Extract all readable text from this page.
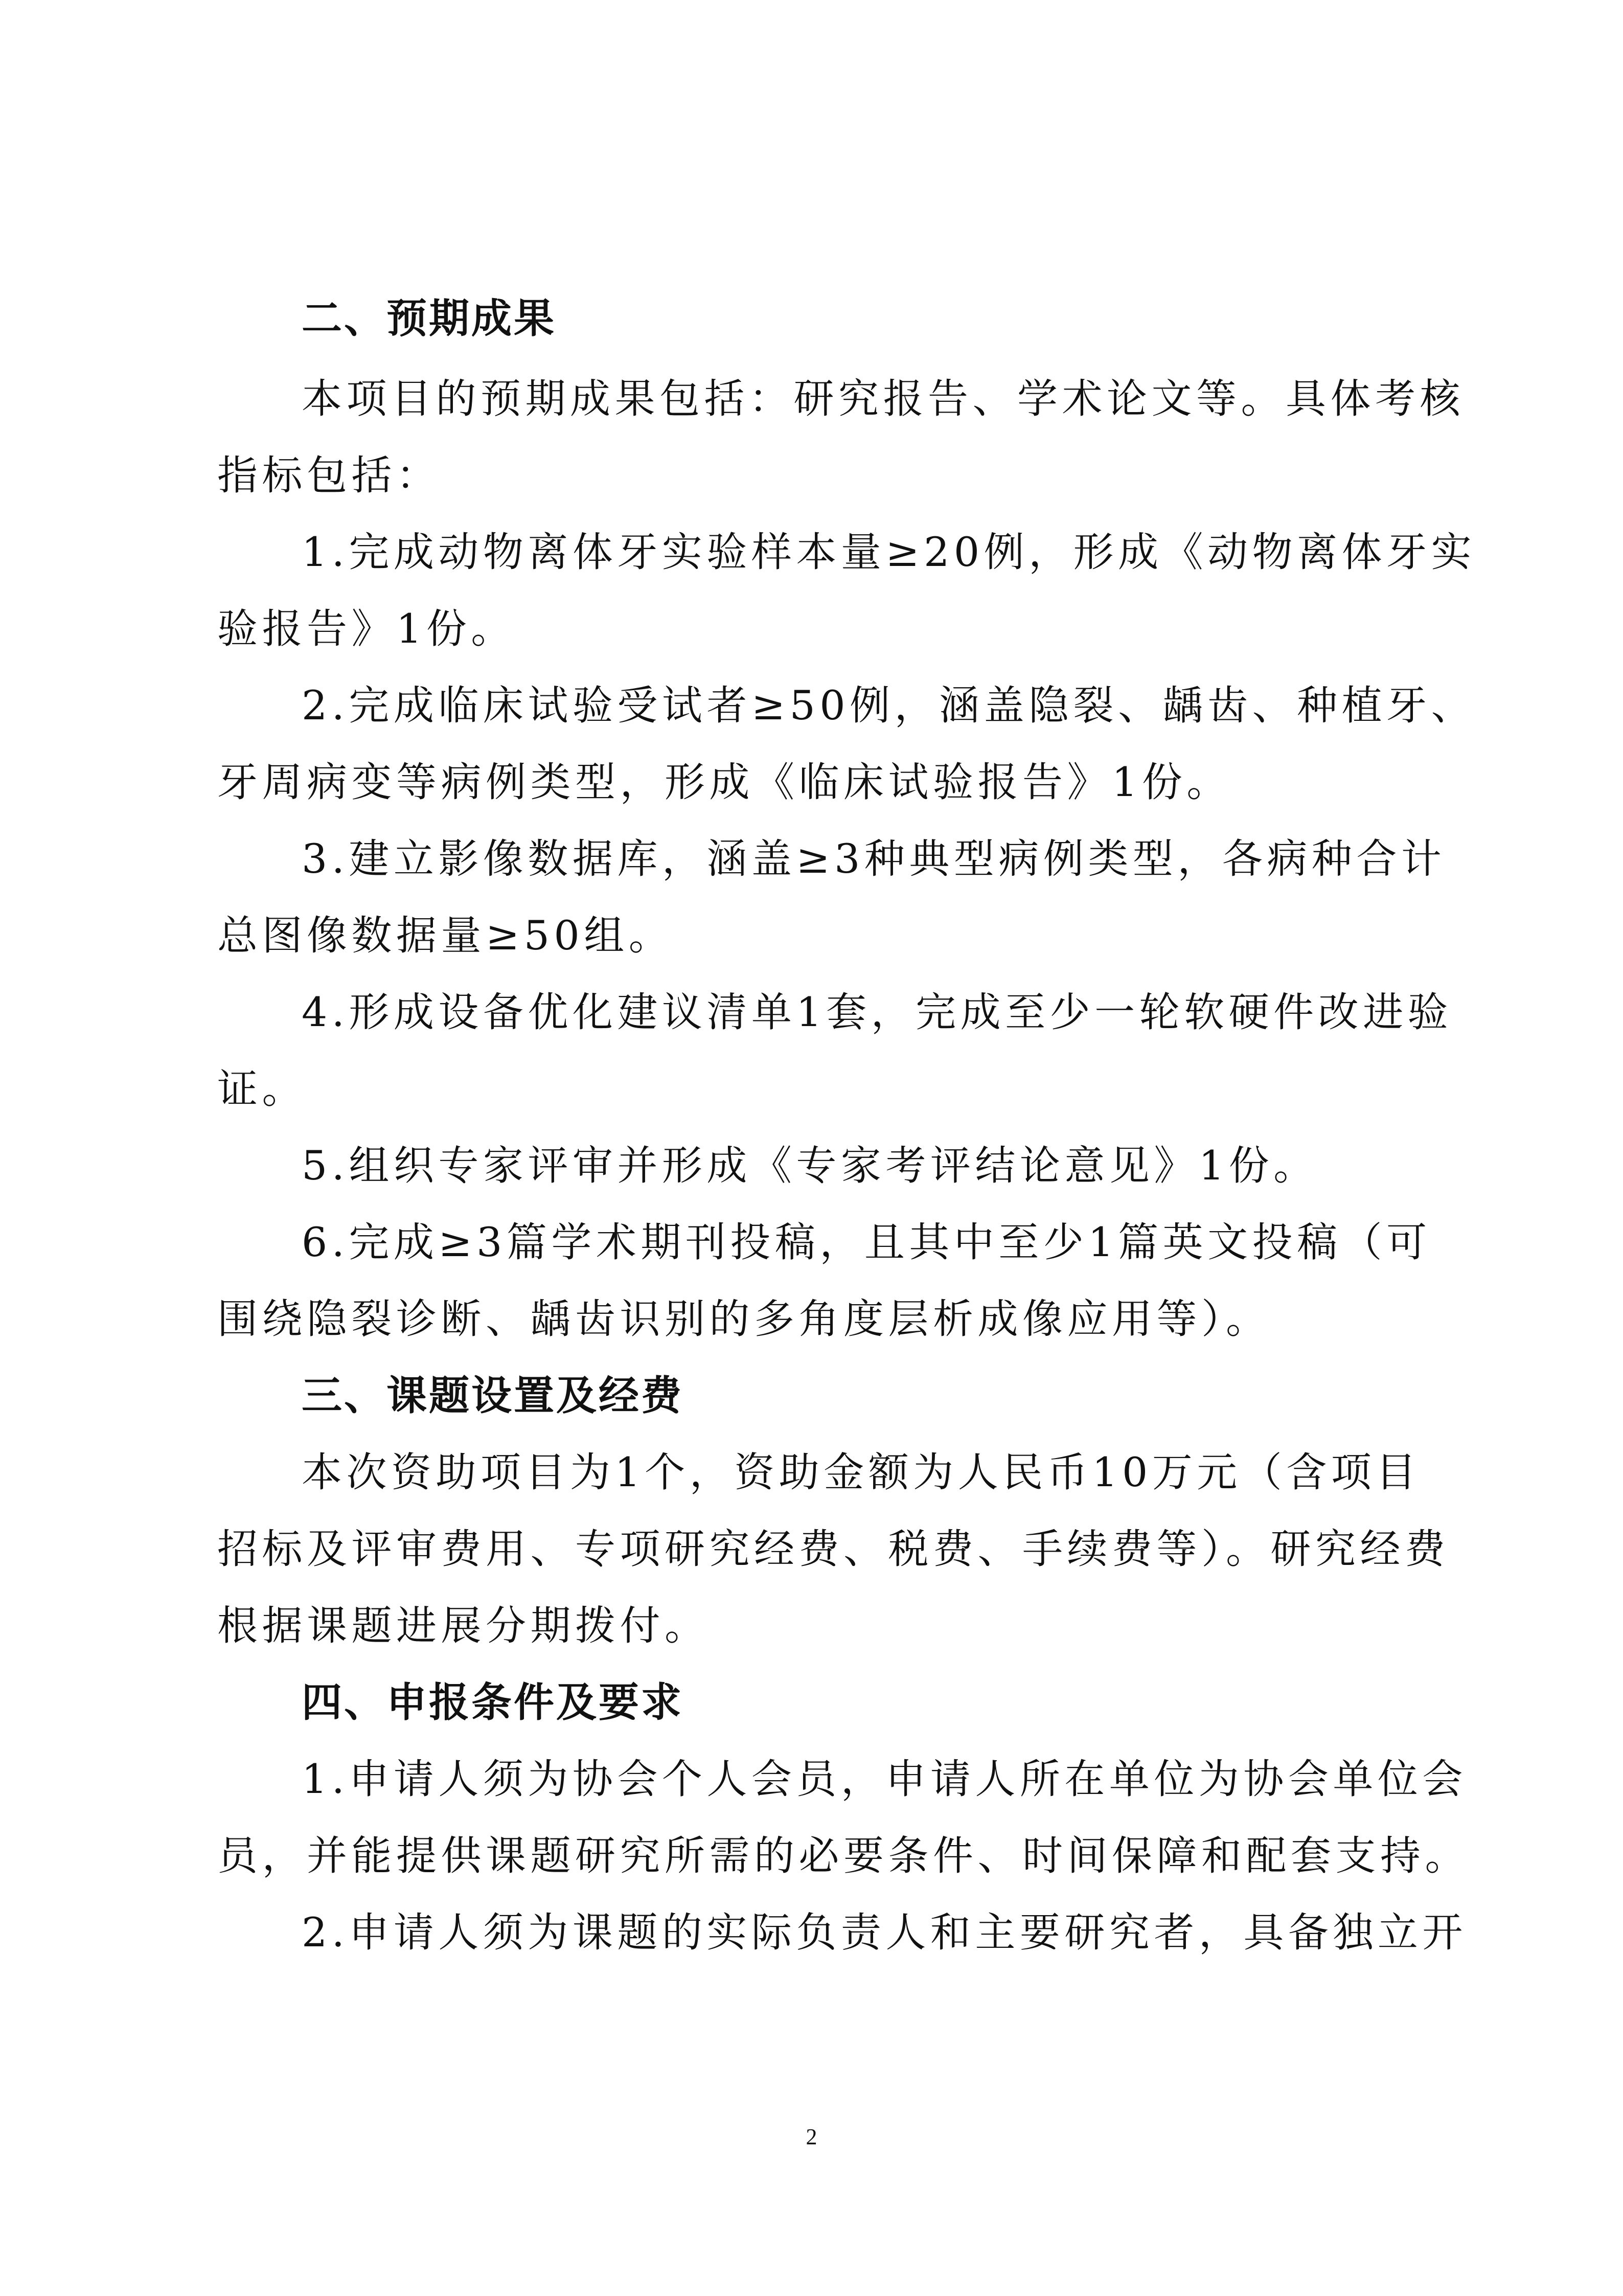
二、预期成果
本项目的预期成果包括：研究报告、学术论文等。具体考核
指标包括：
1.完成动物离体牙实验样本量≥20例，形成《动物离体牙实
验报告》1份。
2.完成临床试验受试者≥50例，涵盖隐裂、龋齿、种植牙、
牙周病变等病例类型，形成《临床试验报告》1份。
3.建立影像数据库，涵盖≥3种典型病例类型，各病种合计
总图像数据量≥50组。
4.形成设备优化建议清单1套，完成至少一轮软硬件改进验
证。
5.组织专家评审并形成《专家考评结论意见》1份。
6.完成≥3篇学术期刊投稿，且其中至少1篇英文投稿（可
围绕隐裂诊断、龋齿识别的多角度层析成像应用等）。
三、课题设置及经费
本次资助项目为1个，资助金额为人民币10万元（含项目
招标及评审费用、专项研究经费、税费、手续费等）。研究经费
根据课题进展分期拨付。
四、申报条件及要求
1.申请人须为协会个人会员，申请人所在单位为协会单位会
员，并能提供课题研究所需的必要条件、时间保障和配套支持。
2.申请人须为课题的实际负责人和主要研究者，具备独立开
2
